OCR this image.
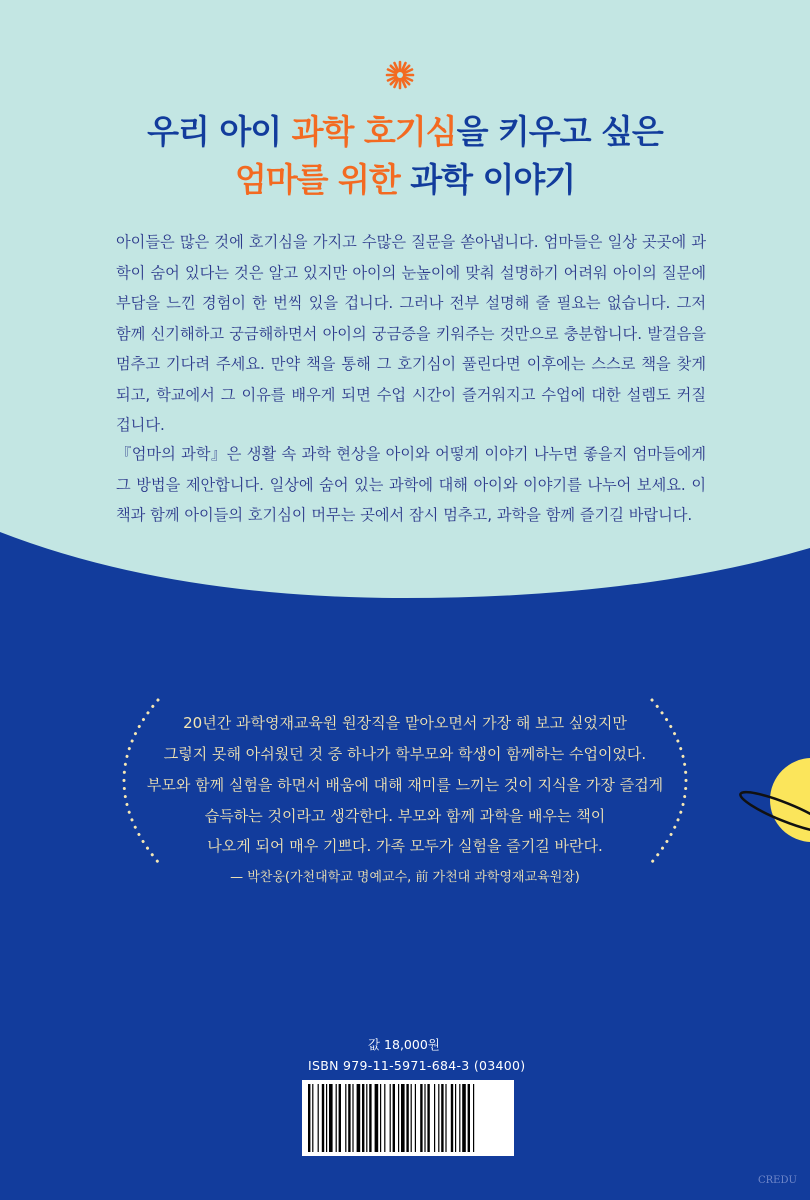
우리 아이 과학 호기심을 키우고 싶은
엄마를 위한 과학 이야기
아이들은 많은 것에 호기심을 가지고 수많은 질문을 쏟아냅니다. 엄마들은 일상 곳곳에 과학이 숨어 있다는 것은 알고 있지만 아이의 눈높이에 맞춰 설명하기 어려워 아이의 질문에 부담을 느낀 경험이 한 번씩 있을 겁니다. 그러나 전부 설명해 줄 필요는 없습니다. 그저 함께 신기해하고 궁금해하면서 아이의 궁금증을 키워주는 것만으로 충분합니다. 발걸음을 멈추고 기다려 주세요. 만약 책을 통해 그 호기심이 풀린다면 이후에는 스스로 책을 찾게 되고, 학교에서 그 이유를 배우게 되면 수업 시간이 즐거워지고 수업에 대한 설렘도 커질 겁니다.
『엄마의 과학』은 생활 속 과학 현상을 아이와 어떻게 이야기 나누면 좋을지 엄마들에게 그 방법을 제안합니다. 일상에 숨어 있는 과학에 대해 아이와 이야기를 나누어 보세요. 이 책과 함께 아이들의 호기심이 머무는 곳에서 잠시 멈추고, 과학을 함께 즐기길 바랍니다.
20년간 과학영재교육원 원장직을 맡아오면서 가장 해 보고 싶었지만
그렇지 못해 아쉬웠던 것 중 하나가 학부모와 학생이 함께하는 수업이었다.
부모와 함께 실험을 하면서 배움에 대해 재미를 느끼는 것이 지식을 가장 즐겁게
습득하는 것이라고 생각한다. 부모와 함께 과학을 배우는 책이
나오게 되어 매우 기쁘다. 가족 모두가 실험을 즐기길 바란다.
— 박찬웅(가천대학교 명예교수, 前 가천대 과학영재교육원장)
값 18,000원
ISBN 979-11-5971-684-3 (03400)
CREDU
